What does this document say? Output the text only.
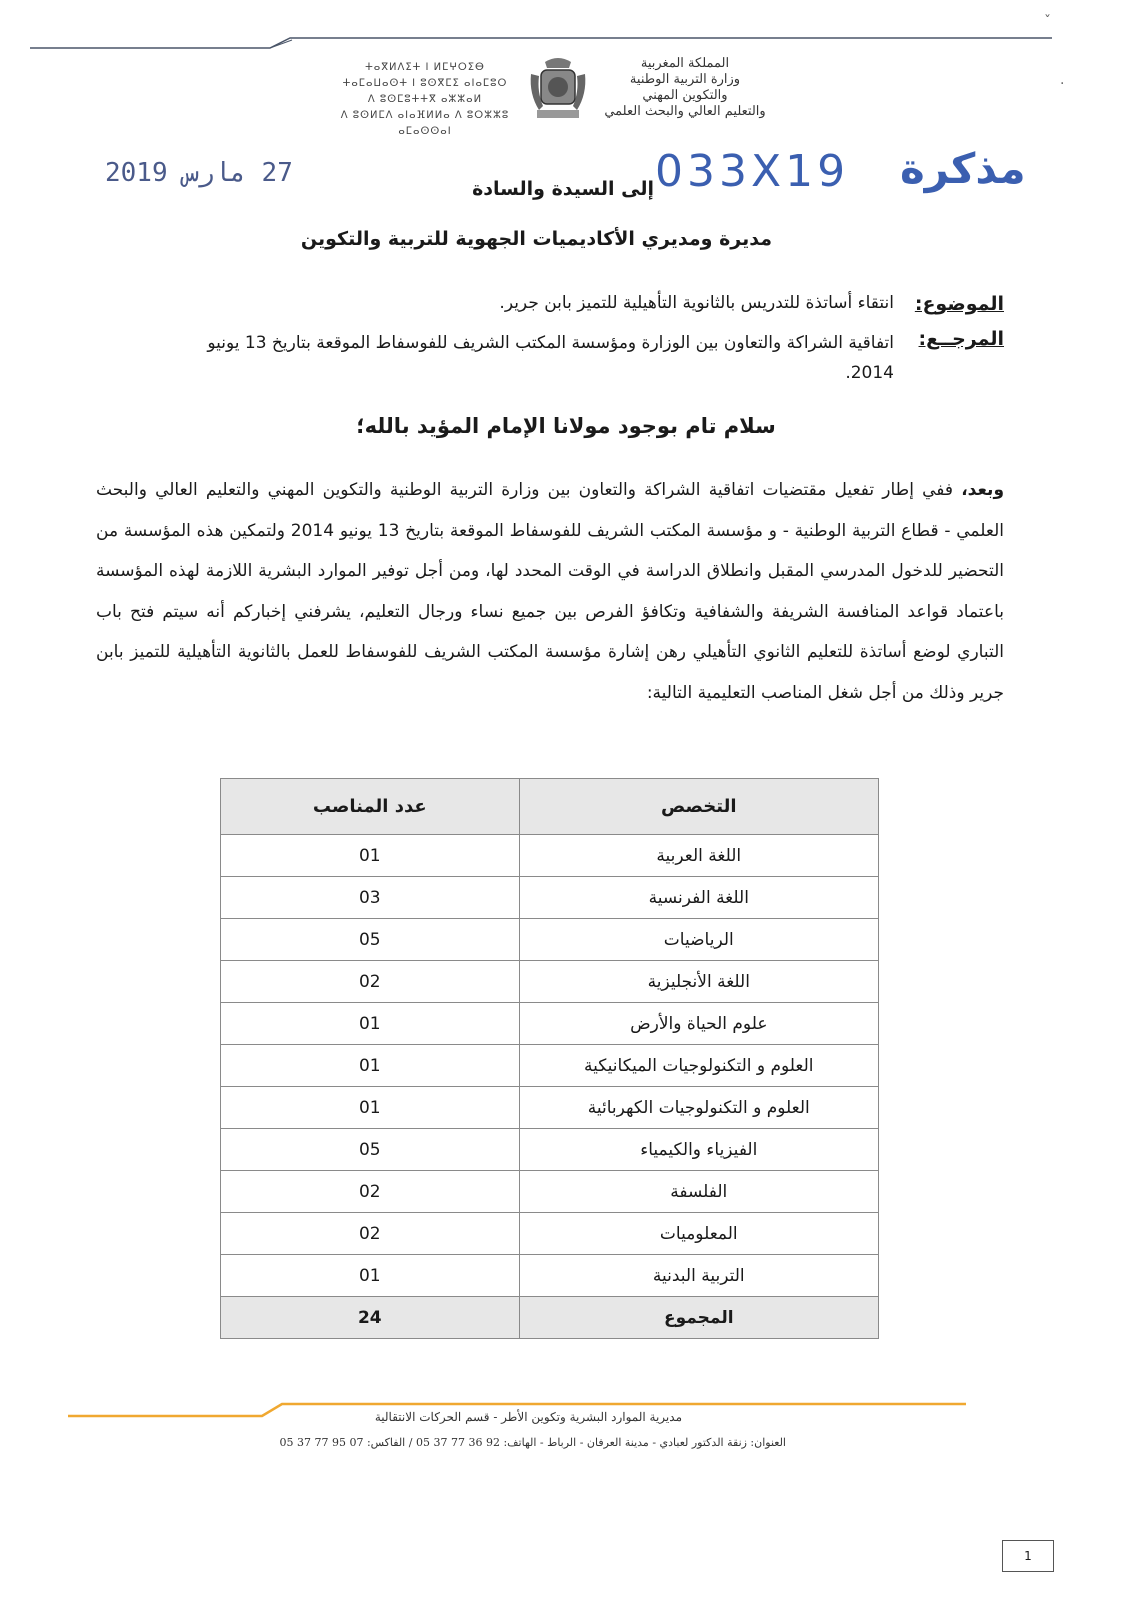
ˇ
·
ⵜⴰⴳⵍⴷⵉⵜ ⵏ ⵍⵎⵖⵔⵉⴱ
ⵜⴰⵎⴰⵡⴰⵙⵜ ⵏ ⵓⵙⴳⵎⵉ ⴰⵏⴰⵎⵓⵔ
ⴷ ⵓⵙⵎⵓⵜⵜⴳ ⴰⵣⵣⴰⵍ
ⴷ ⵓⵙⵍⵎⴷ ⴰⵏⴰⴼⵍⵍⴰ ⴷ ⵓⵔⵣⵣⵓ ⴰⵎⴰⵙⵙⴰⵏ
المملكة المغربية
وزارة التربية الوطنية
والتكوين المهني
والتعليم العالي والبحث العلمي
27 مارس 2019	033X19 مذكرة
إلى السيدة والسادة
مديرة ومديري الأكاديميات الجهوية للتربية والتكوين
الموضوع:
انتقاء أساتذة للتدريس بالثانوية التأهيلية للتميز بابن جرير.
المرجــع:
اتفاقية الشراكة والتعاون بين الوزارة ومؤسسة المكتب الشريف للفوسفاط الموقعة بتاريخ 13 يونيو 2014.
سلام تام بوجود مولانا الإمام المؤيد بالله؛
وبعد، ففي إطار تفعيل مقتضيات اتفاقية الشراكة والتعاون بين وزارة التربية الوطنية والتكوين المهني والتعليم العالي والبحث العلمي - قطاع التربية الوطنية - و مؤسسة المكتب الشريف للفوسفاط الموقعة بتاريخ 13 يونيو 2014 ولتمكين هذه المؤسسة من التحضير للدخول المدرسي المقبل وانطلاق الدراسة في الوقت المحدد لها، ومن أجل توفير الموارد البشرية اللازمة لهذه المؤسسة باعتماد قواعد المنافسة الشريفة والشفافية وتكافؤ الفرص بين جميع نساء ورجال التعليم، يشرفني إخباركم أنه سيتم فتح باب التباري لوضع أساتذة للتعليم الثانوي التأهيلي رهن إشارة مؤسسة المكتب الشريف للفوسفاط للعمل بالثانوية التأهيلية للتميز بابن جرير وذلك من أجل شغل المناصب التعليمية التالية:
التخصص	عدد المناصب
اللغة العربية	01
اللغة الفرنسية	03
الرياضيات	05
اللغة الأنجليزية	02
علوم الحياة والأرض	01
العلوم و التكنولوجيات الميكانيكية	01
العلوم و التكنولوجيات الكهربائية	01
الفيزياء والكيمياء	05
الفلسفة	02
المعلوميات	02
التربية البدنية	01
المجموع	24
مديرية الموارد البشرية وتكوين الأطر - قسم الحركات الانتقالية
العنوان: زنقة الدكتور لعبادي - مدينة العرفان - الرباط - الهاتف: 92 36 77 37 05 / الفاكس: 07 95 77 37 05
1
